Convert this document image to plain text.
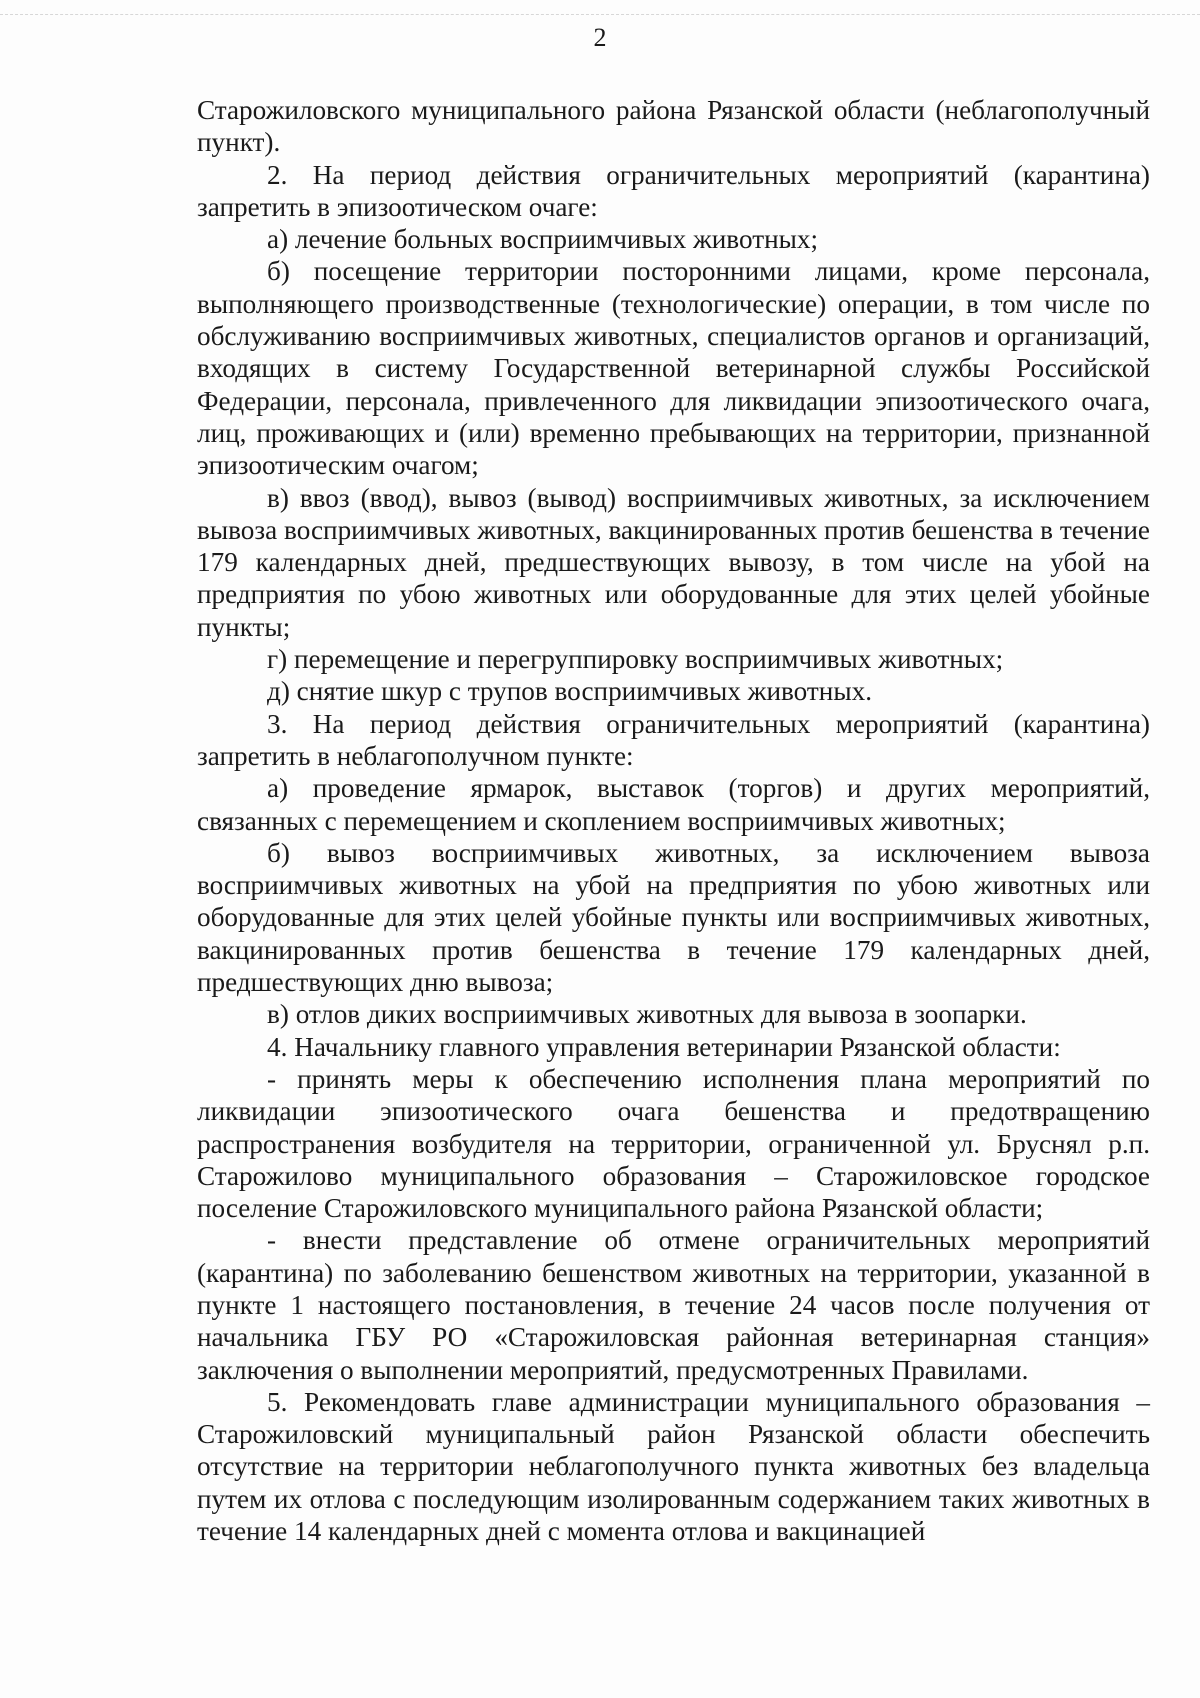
2

Старожиловского муниципального района Рязанской области (неблагополучный пункт).

2. На период действия ограничительных мероприятий (карантина) запретить в эпизоотическом очаге:

а) лечение больных восприимчивых животных;

б) посещение территории посторонними лицами, кроме персонала, выполняющего производственные (технологические) операции, в том числе по обслуживанию восприимчивых животных, специалистов органов и организаций, входящих в систему Государственной ветеринарной службы Российской Федерации, персонала, привлеченного для ликвидации эпизоотического очага, лиц, проживающих и (или) временно пребывающих на территории, признанной эпизоотическим очагом;

в) ввоз (ввод), вывоз (вывод) восприимчивых животных, за исключением вывоза восприимчивых животных, вакцинированных против бешенства в течение 179 календарных дней, предшествующих вывозу, в том числе на убой на предприятия по убою животных или оборудованные для этих целей убойные пункты;

г) перемещение и перегруппировку восприимчивых животных;

д) снятие шкур с трупов восприимчивых животных.

3. На период действия ограничительных мероприятий (карантина) запретить в неблагополучном пункте:

а) проведение ярмарок, выставок (торгов) и других мероприятий, связанных с перемещением и скоплением восприимчивых животных;

б) вывоз восприимчивых животных, за исключением вывоза восприимчивых животных на убой на предприятия по убою животных или оборудованные для этих целей убойные пункты или восприимчивых животных, вакцинированных против бешенства в течение 179 календарных дней, предшествующих дню вывоза;

в) отлов диких восприимчивых животных для вывоза в зоопарки.

4. Начальнику главного управления ветеринарии Рязанской области:

- принять меры к обеспечению исполнения плана мероприятий по ликвидации эпизоотического очага бешенства и предотвращению распространения возбудителя на территории, ограниченной ул. Бруснял р.п. Старожилово муниципального образования – Старожиловское городское поселение Старожиловского муниципального района Рязанской области;

- внести представление об отмене ограничительных мероприятий (карантина) по заболеванию бешенством животных на территории, указанной в пункте 1 настоящего постановления, в течение 24 часов после получения от начальника ГБУ РО «Старожиловская районная ветеринарная станция» заключения о выполнении мероприятий, предусмотренных Правилами.

5. Рекомендовать главе администрации муниципального образования – Старожиловский муниципальный район Рязанской области обеспечить отсутствие на территории неблагополучного пункта животных без владельца путем их отлова с последующим изолированным содержанием таких животных в течение 14 календарных дней с момента отлова и вакцинацией
